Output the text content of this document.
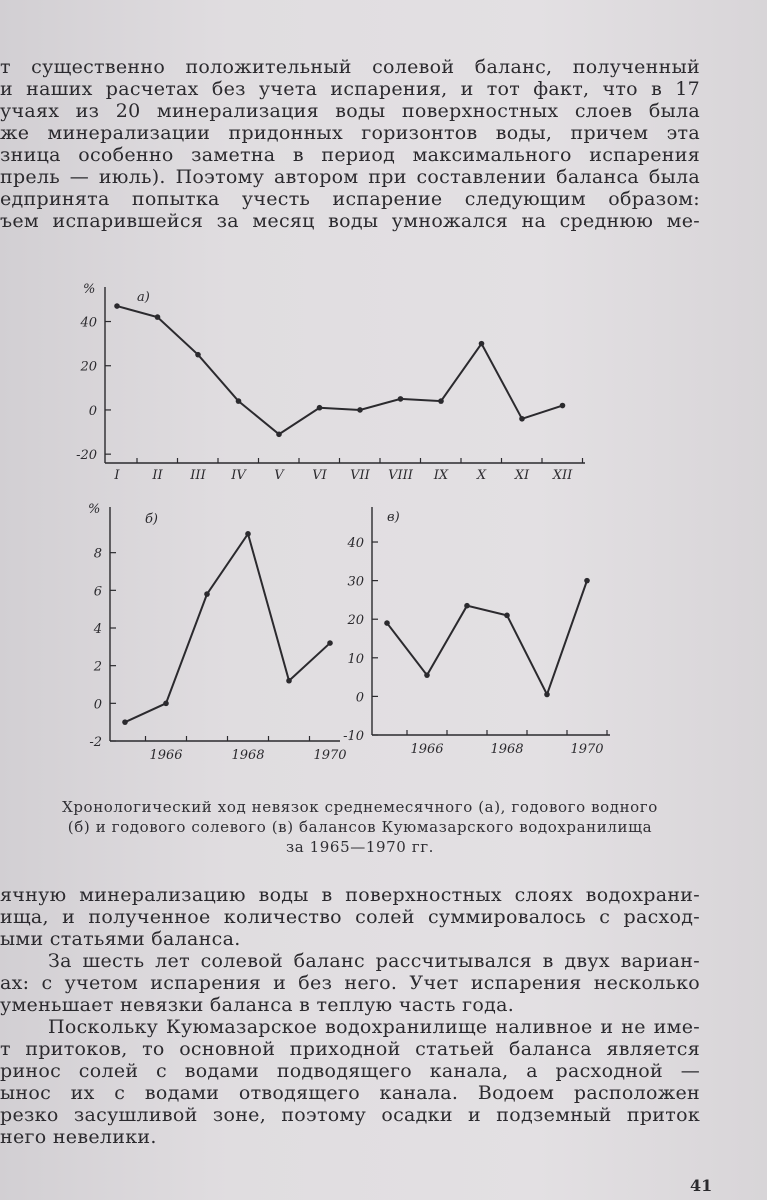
т существенно положительный солевой баланс, полученный
и наших расчетах без учета испарения, и тот факт, что в 17
учаях из 20 минерализация воды поверхностных слоев была
же минерализации придонных горизонтов воды, причем эта
зница особенно заметна в период максимального испарения
прель — июль). Поэтому автором при составлении баланса была
едпринята попытка учесть испарение следующим образом:
ъем испарившейся за месяц воды умножался на среднюю ме-
%
а)
40
20
0
-20
I	II III IV V VI VII VIII IX X XI XII
%
б)
8
6
4
2
0
-2
1966	1968	1970
в)
40
30
20
10
0
-10
1966	1968	1970
Хронологический ход невязок среднемесячного (а), годового водного (б) и годового солевого (в) балансов Куюмазарского водохранилища за 1965—1970 гг.
ячную минерализацию воды в поверхностных слоях водохрани-
ища, и полученное количество солей суммировалось с расход-
ыми статьями баланса.
За шесть лет солевой баланс рассчитывался в двух вариан-
ах: с учетом испарения и без него. Учет испарения несколько
уменьшает невязки баланса в теплую часть года.
Поскольку Куюмазарское водохранилище наливное и не име-
т притоков, то основной приходной статьей баланса является
ринос солей с водами подводящего канала, а расходной —
ынос их с водами отводящего канала. Водоем расположен
резко засушливой зоне, поэтому осадки и подземный приток
него невелики.
41
